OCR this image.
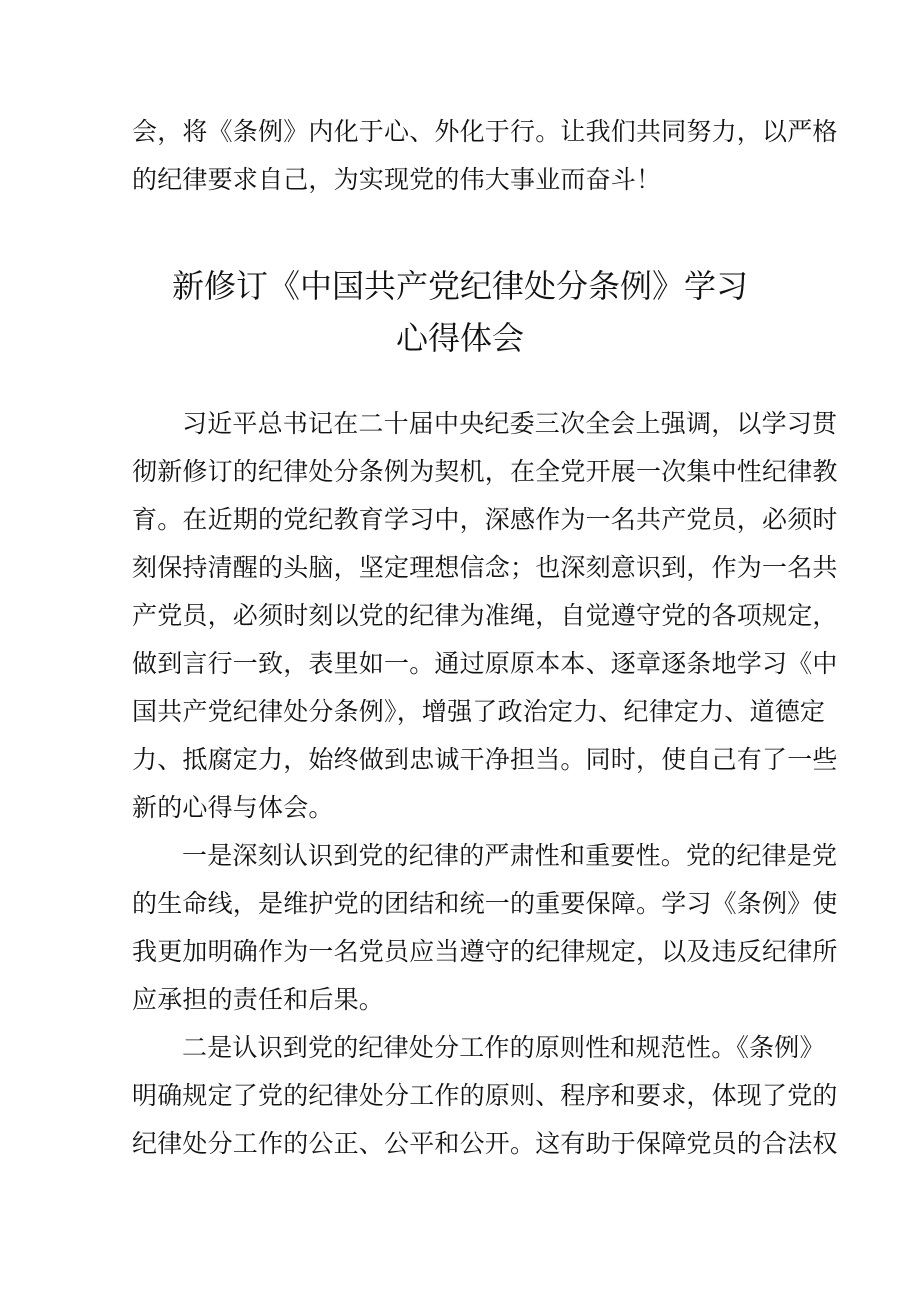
会，将《条例》内化于心、外化于行。让我们共同努力，以严格
的纪律要求自己，为实现党的伟大事业而奋斗！
新修订《中国共产党纪律处分条例》学习
心得体会
习近平总书记在二十届中央纪委三次全会上强调，以学习贯
彻新修订的纪律处分条例为契机，在全党开展一次集中性纪律教
育。在近期的党纪教育学习中，深感作为一名共产党员，必须时
刻保持清醒的头脑，坚定理想信念；也深刻意识到，作为一名共
产党员，必须时刻以党的纪律为准绳，自觉遵守党的各项规定，
做到言行一致，表里如一。通过原原本本、逐章逐条地学习《中
国共产党纪律处分条例》，增强了政治定力、纪律定力、道德定
力、抵腐定力，始终做到忠诚干净担当。同时，使自己有了一些
新的心得与体会。
一是深刻认识到党的纪律的严肃性和重要性。党的纪律是党
的生命线，是维护党的团结和统一的重要保障。学习《条例》使
我更加明确作为一名党员应当遵守的纪律规定，以及违反纪律所
应承担的责任和后果。
二是认识到党的纪律处分工作的原则性和规范性。《条例》
明确规定了党的纪律处分工作的原则、程序和要求，体现了党的
纪律处分工作的公正、公平和公开。这有助于保障党员的合法权
